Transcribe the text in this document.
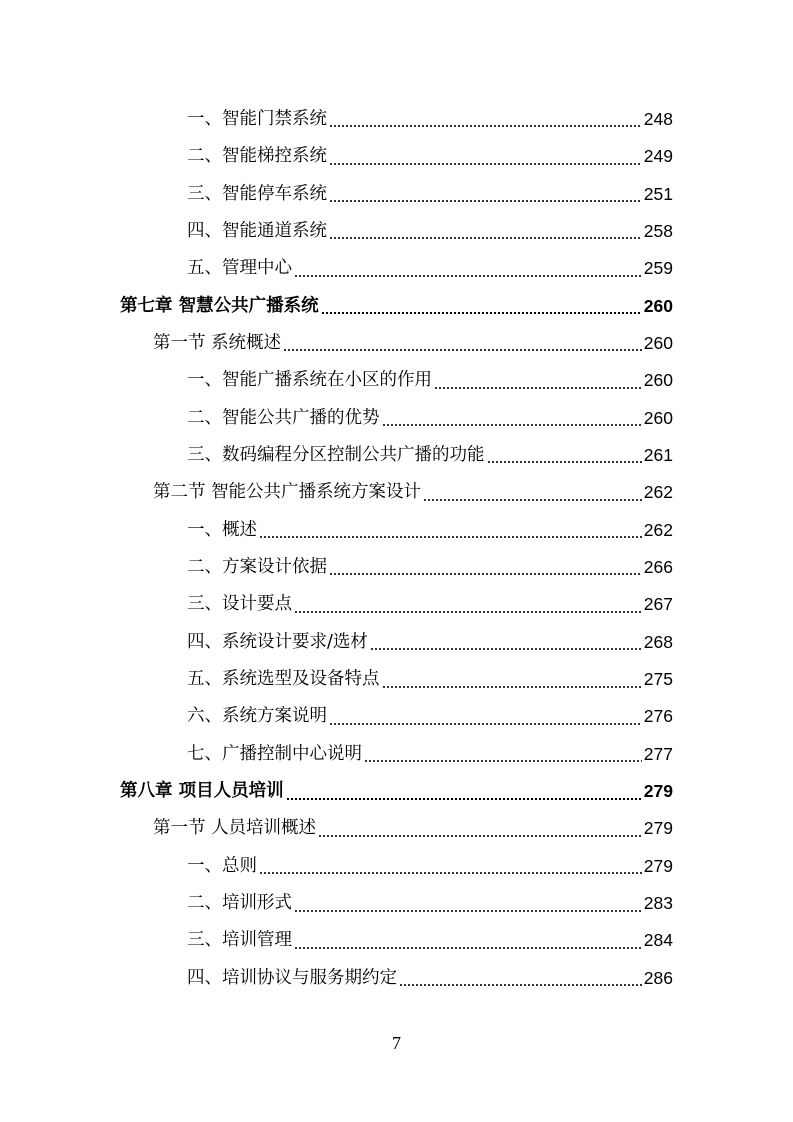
一、智能门禁系统	248
二、智能梯控系统	249
三、智能停车系统	251
四、智能通道系统	258
五、管理中心	259
第七章 智慧公共广播系统	260
第一节 系统概述	260
一、智能广播系统在小区的作用	260
二、智能公共广播的优势	260
三、数码编程分区控制公共广播的功能	261
第二节 智能公共广播系统方案设计	262
一、概述	262
二、方案设计依据	266
三、设计要点	267
四、系统设计要求/选材	268
五、系统选型及设备特点	275
六、系统方案说明	276
七、广播控制中心说明	277
第八章 项目人员培训	279
第一节 人员培训概述	279
一、总则	279
二、培训形式	283
三、培训管理	284
四、培训协议与服务期约定	286
7
